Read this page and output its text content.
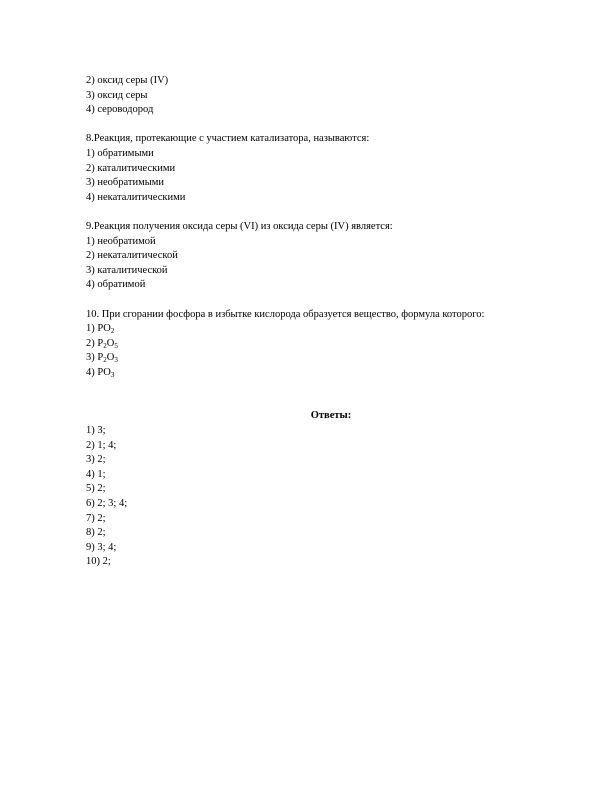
2) оксид серы (IV)
3) оксид серы
4) сероводород
8.Реакция, протекающие с участием катализатора, называются:
1) обратимыми
2) каталитическими
3) необратимыми
4) некаталитическими
9.Реакция получения оксида серы (VI) из оксида серы (IV) является:
1) необратимой
2) некаталитической
3) каталитической
4) обратимой
10. При сгорании фосфора в избытке кислорода образуется вещество, формула которого:
1) $PO_2$
2) $P_2O_5$
3) $P_2O_3$
4) $PO_3$
Ответы:
1) 3;
2) 1; 4;
3) 2;
4) 1;
5) 2;
6) 2; 3; 4;
7) 2;
8) 2;
9) 3; 4;
10) 2;
